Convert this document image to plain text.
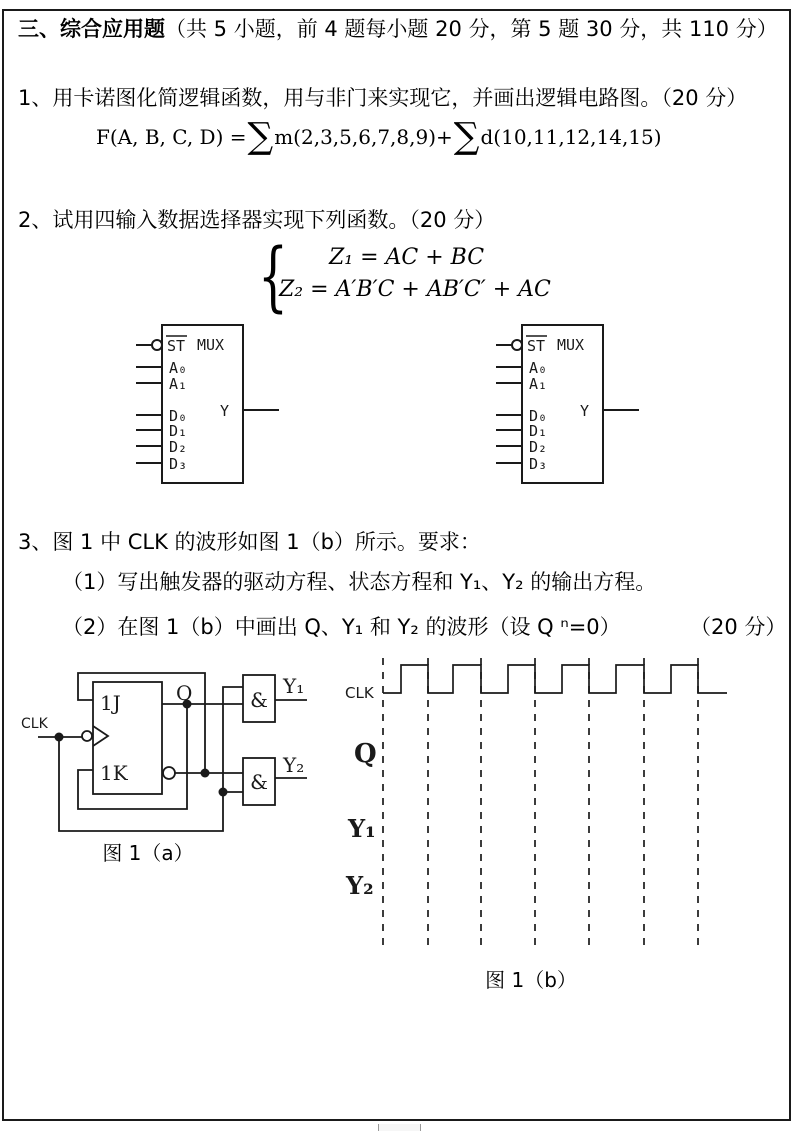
三、综合应用题（共 5 小题，前 4 题每小题 20 分，第 5 题 30 分，共 110 分）
1、用卡诺图化简逻辑函数，用与非门来实现它，并画出逻辑电路图。（20 分）
F(A, B, C, D) = ∑ m(2,3,5,6,7,8,9) + ∑ d(10,11,12,14,15)
2、试用四输入数据选择器实现下列函数。（20 分）
{ Z₁ = AC + BC
Z₂ = A′B′C + AB′C′ + AC
ST MUX
A₀
A₁
D₀
D₁
D₂
D₃
Y
ST MUX
A₀
A₁
D₀
D₁
D₂
D₃
Y
3、图 1 中 CLK 的波形如图 1（b）所示。要求：
（1）写出触发器的驱动方程、状态方程和 Y₁、Y₂ 的输出方程。
（2）在图 1（b）中画出 Q、Y₁ 和 Y₂ 的波形（设 Q ⁿ=0）	（20 分）
CLK
1J
1K
Q	&
&
Y₁
Y₂
图 1（a）
CLK
Q
Y₁
Y₂
图 1（b）
